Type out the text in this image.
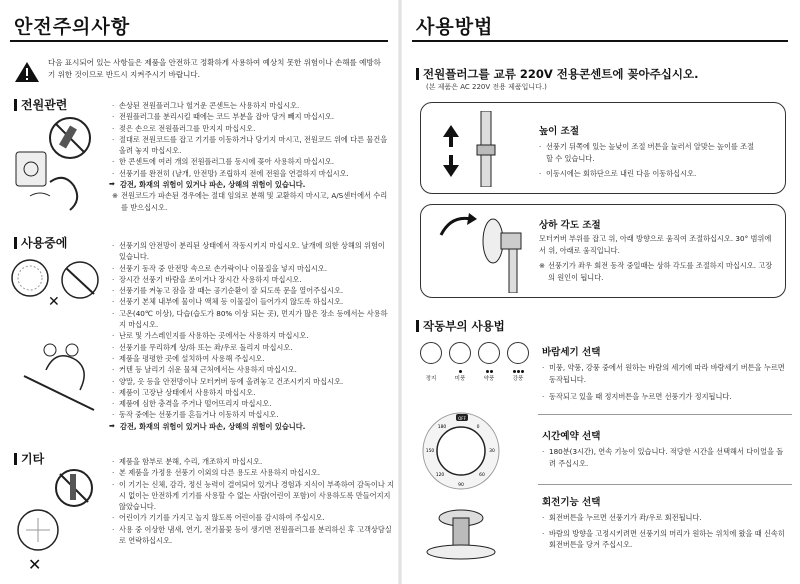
안전주의사항
다음 표시되어 있는 사항들은 제품을 안전하고 정확하게 사용하여 예상치 못한 위험이나 손해를 예방하기 위한 것이므로 반드시 지켜주시기 바랍니다.
전원관련
·	손상된 전원플러그나 헐거운 콘센트는 사용하지 마십시오.
· 전원플러그를 분리시킬 때에는 코드 부분을 잡아 당겨 빼지 마십시오.
· 젖은 손으로 전원플러그를 만지지 마십시오.
· 절대로 전원코드를 잡고 기기를 이동하거나 당기지 마시고, 전원코드 위에 다른 물건을 올려 놓지 마십시오.
· 한 콘센트에 여러 개의 전원플러그를 동시에 꽂아 사용하지 마십시오.
· 선풍기를 완전히 (날개, 안전망) 조립하지 전에 전원을 연결하지 마십시오.
➡ 감전, 화재의 위험이 있거나 파손, 상해의 위험이 있습니다.
※ 전원코드가 파손된 경우에는 절대 임의로 분해 및 교환하지 마시고, A/S센터에서 수리를 받으십시오.
사용중에
✕
· 선풍기의 안전망이 분리된 상태에서 작동시키지 마십시오. 날개에 의한 상해의 위험이 있습니다.
· 선풍기 동작 중 안전망 속으로 손가락이나 이물질을 넣지 마십시오.
· 장시간 선풍기 바람을 쏘이거나 장시간 사용하지 마십시오.
· 선풍기를 켜놓고 잠을 잘 때는 공기순환이 잘 되도록 문을 열어주십시오.
· 선풍기 본체 내부에 물이나 액체 등 이물질이 들어가지 않도록 하십시오.
· 고온(40℃ 이상), 다습(습도가 80% 이상 되는 곳), 먼지가 많은 장소 등에서는 사용하지 마십시오.
· 난로 및 가스레인지를 사용하는 곳에서는 사용하지 마십시오.
· 선풍기를 무리하게 상/하 또는 좌/우로 돌리지 마십시오.
· 제품을 평평한 곳에 설치하여 사용해 주십시오.
· 커텐 등 날리기 쉬운 물체 근처에서는 사용하지 마십시오.
· 양말, 옷 등을 안전망이나 모터커버 등에 올려놓고 건조시키지 마십시오.
· 제품이 고장난 상태에서 사용하지 마십시오.
· 제품에 심한 충격을 주거나 떨어뜨리지 마십시오.
· 동작 중에는 선풍기를 흔들거나 이동하지 마십시오.
➡ 감전, 화재의 위험이 있거나 파손, 상해의 위험이 있습니다.
기타
✕
· 제품을 함부로 분해, 수리, 개조하지 마십시오.
· 본 제품을 가정용 선풍기 이외의 다른 용도로 사용하지 마십시오.
· 이 기기는 신체, 감각, 정신 능력이 결여되어 있거나 경험과 지식이 부족하여 감독이나 지시 없이는 안전하게 기기를 사용할 수 없는 사람(어린이 포함)이 사용하도록 만들어지지 않았습니다.
· 어린이가 기기를 가지고 놀지 않도록 어린이를 감시하여 주십시오.
· 사용 중 이상한 냄새, 연기, 전기불꽃 등이 생기면 전원플러그를 분리하신 후 고객상담실로 연락하십시오.
사용방법
전원플러그를 교류 220V 전용콘센트에 꽂아주십시오.
(본 제품은 AC 220V 전용 제품입니다.)
높이 조절
· 선풍기 뒤쪽에 있는 높낮이 조절 버튼을 눌러서 알맞는 높이를 조절할 수 있습니다.
· 이동시에는 회하단으로 내린 다음 이동하십시오.
상하 각도 조절
모터커버 부위를 잡고 위, 아래 방향으로 움직여 조절하십시오. 30° 범위에서 위, 아래로 움직입니다.
※ 선풍기가 좌우 회전 동작 중일때는 상하 각도를 조절하지 마십시오. 고장의 원인이 됩니다.
작동부의 사용법
정지	미풍	약풍	강풍
바람세기 선택
· 미풍, 약풍, 강풍 중에서 원하는 바람의 세기에 따라 바람세기 버튼을 누르면 동작됩니다.
· 동작되고 있을 때 정지버튼을 누르면 선풍기가 정지됩니다.
OFF
0
30
60
90
120
150
180
시간예약 선택
· 180분(3시간), 연속 기능이 있습니다. 적당한 시간을 선택해서 다이얼을 돌려 주십시오.
회전기능 선택
· 회전버튼을 누르면 선풍기가 좌/우로 회전됩니다.
· 바람의 방향을 고정시키려면 선풍기의 머리가 원하는 위치에 왔을 때 신속히 회전버튼을 당겨 주십시오.
